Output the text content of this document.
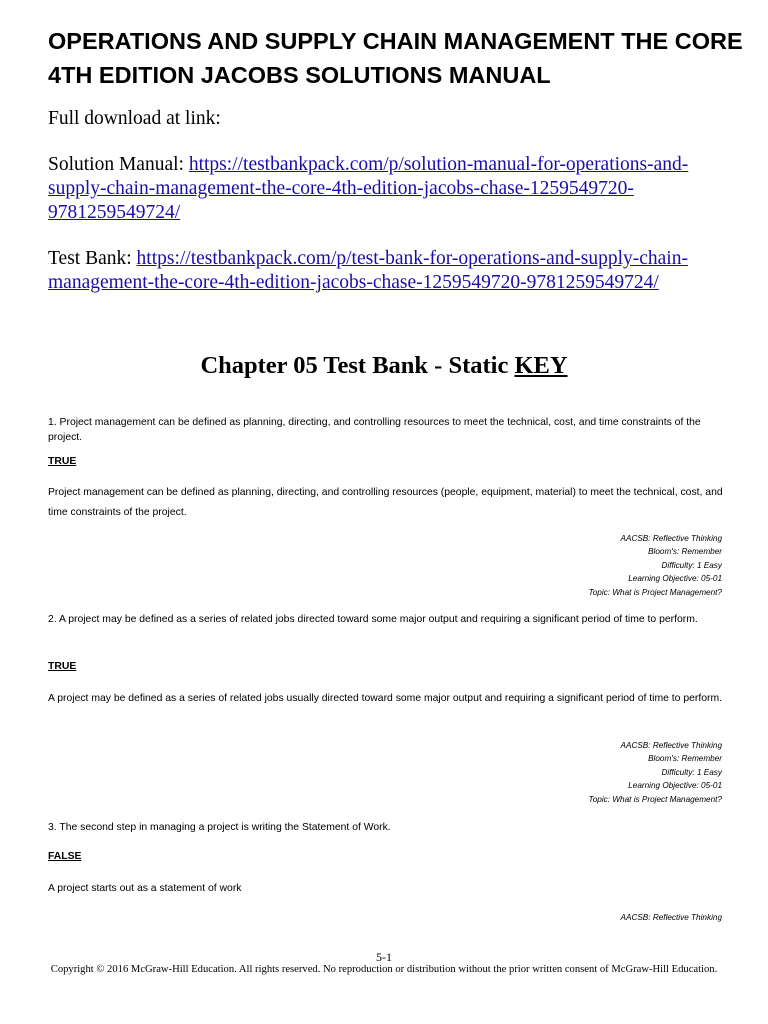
OPERATIONS AND SUPPLY CHAIN MANAGEMENT THE CORE 4TH EDITION JACOBS SOLUTIONS MANUAL

Full download at link:

Solution Manual: https://testbankpack.com/p/solution-manual-for-operations-and-supply-chain-management-the-core-4th-edition-jacobs-chase-1259549720-9781259549724/

Test Bank: https://testbankpack.com/p/test-bank-for-operations-and-supply-chain-management-the-core-4th-edition-jacobs-chase-1259549720-9781259549724/

Chapter 05 Test Bank - Static KEY

1. Project management can be defined as planning, directing, and controlling resources to meet the technical, cost, and time constraints of the project.

TRUE

Project management can be defined as planning, directing, and controlling resources (people, equipment, material) to meet the technical, cost, and time constraints of the project.

AACSB: Reflective Thinking
Bloom's: Remember
Difficulty: 1 Easy
Learning Objective: 05-01
Topic: What is Project Management?

2. A project may be defined as a series of related jobs directed toward some major output and requiring a significant period of time to perform.

TRUE

A project may be defined as a series of related jobs usually directed toward some major output and requiring a significant period of time to perform.

AACSB: Reflective Thinking
Bloom's: Remember
Difficulty: 1 Easy
Learning Objective: 05-01
Topic: What is Project Management?

3. The second step in managing a project is writing the Statement of Work.

FALSE

A project starts out as a statement of work

AACSB: Reflective Thinking
5-1
Copyright © 2016 McGraw-Hill Education. All rights reserved. No reproduction or distribution without the prior written consent of McGraw-Hill Education.
